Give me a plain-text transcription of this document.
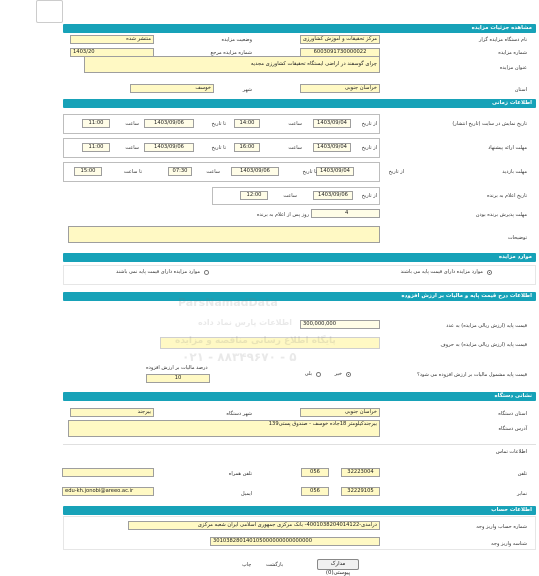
مشاهده جزئیات مزایده
نام دستگاه مزایده گزار
مرکز تحقیقات و اموزش کشاورزی
وضعیت مزایده
منتشر شده
شماره مزایده
6003091730000022
شماره مزایده مرجع
1403/20
عنوان مزایده
چرای گوسفند در اراضی ایستگاه تحقیقات کشاورزی مجدیه
استان
خراسان جنوبی
شهر
خوسف
اطلاعات زمانی
تاریخ نمایش در سایت (تاریخ انتشار)
از تاریخ
1403/09/04
ساعت
14:00
تا تاریخ
1403/09/06
ساعت
11:00
مهلت ارائه پیشنهاد
از تاریخ
1403/09/04
ساعت
16:00
تا تاریخ
1403/09/06
ساعت
11:00
مهلت بازدید
از تاریخ
1403/09/04
تا تاریخ
1403/09/06
ساعت
07:30
تا ساعت
15:00
تاریخ اعلام به برنده
از تاریخ
1403/09/06
ساعت
12:00
مهلت پذیرش برنده بودن
4
روز پس از اعلام به برنده
توضیحات
موارد مزایده
موارد مزایده دارای قیمت پایه می باشند
موارد مزایده دارای قیمت پایه نمی باشند
اطلاعات درج قیمت پایه و مالیات بر ارزش افزوده
قیمت پایه (ارزش ریالی مزایده) به عدد
300,000,000
قیمت پایه (ارزش ریالی مزایده) به حروف
قیمت پایه مشمول مالیات بر ارزش افزوده می شود؟
بلی	خیر
درصد مالیات بر ارزش افزوده
10
نشانی دستگاه
استان دستگاه
خراسان جنوبی
شهر دستگاه
بیرجند
آدرس دستگاه
بیرجندکیلومتر 18جاده خوسف - صندوق پستی139
اطلاعات تماس
تلفن
32223004
056
تلفن همراه
نمابر
32229105
056
ایمیل
edu-kh.jonobi@areeo.ac.ir
اطلاعات حساب
شماره حساب واریز وجه
درآمدی-4001038204014122- بانک مرکزی جمهوری اسلامی ایران شعبه مرکزی
شناسه واریز وجه
301038280140105000000000000000
مدارک پیوستی(0)
بازگشت
چاپ
ParsNamadData
اطلاعات پارس نماد داده
۰۲۱ - ۸۸۳۴۹۶۷۰ - ۵
